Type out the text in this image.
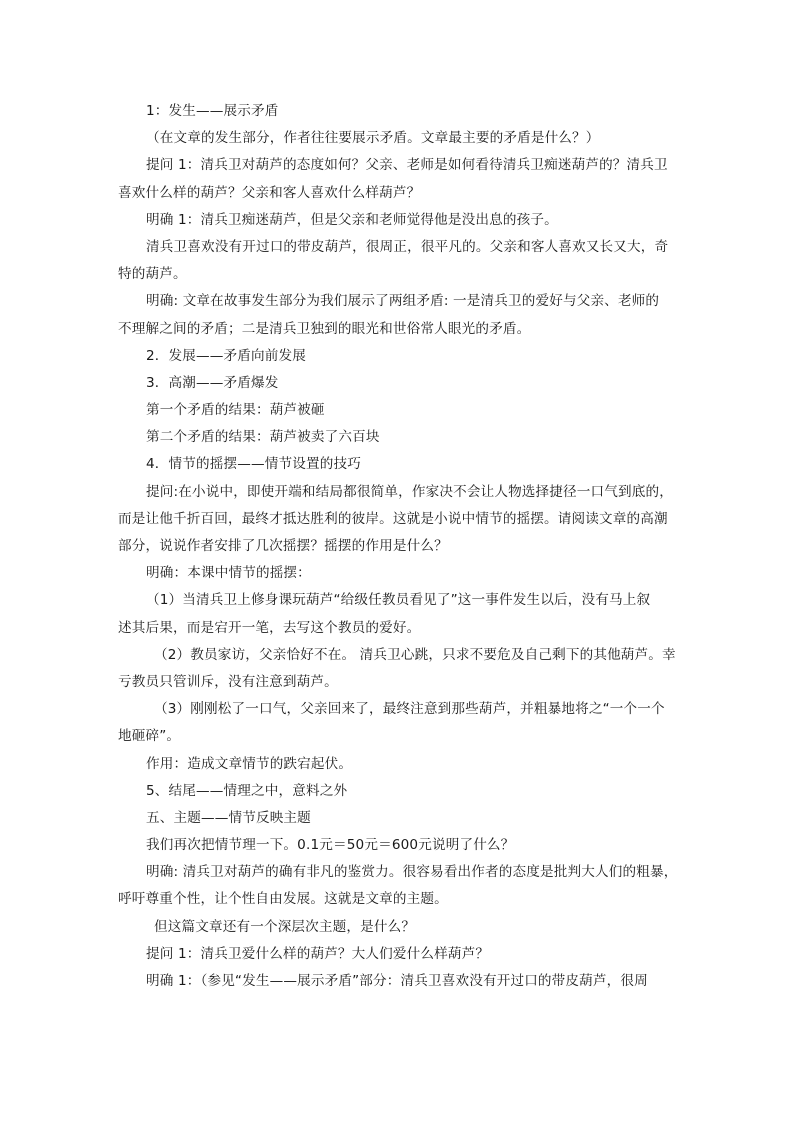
1：发生——展示矛盾
（在文章的发生部分，作者往往要展示矛盾。文章最主要的矛盾是什么？）
提问 1：清兵卫对葫芦的态度如何？父亲、老师是如何看待清兵卫痴迷葫芦的？清兵卫
喜欢什么样的葫芦？父亲和客人喜欢什么样葫芦？
明确 1：清兵卫痴迷葫芦，但是父亲和老师觉得他是没出息的孩子。
清兵卫喜欢没有开过口的带皮葫芦，很周正，很平凡的。父亲和客人喜欢又长又大，奇
特的葫芦。
明确: 文章在故事发生部分为我们展示了两组矛盾: 一是清兵卫的爱好与父亲、老师的
不理解之间的矛盾；二是清兵卫独到的眼光和世俗常人眼光的矛盾。
2．发展——矛盾向前发展
3．高潮——矛盾爆发
第一个矛盾的结果：葫芦被砸
第二个矛盾的结果：葫芦被卖了六百块
4．情节的摇摆——情节设置的技巧
提问:在小说中，即使开端和结局都很简单，作家决不会让人物选择捷径一口气到底的，
而是让他千折百回，最终才抵达胜利的彼岸。这就是小说中情节的摇摆。请阅读文章的高潮
部分，说说作者安排了几次摇摆？摇摆的作用是什么？
明确：本课中情节的摇摆：
（1）当清兵卫上修身课玩葫芦“给级任教员看见了”这一事件发生以后，没有马上叙
述其后果，而是宕开一笔，去写这个教员的爱好。
（2）教员家访，父亲恰好不在。 清兵卫心跳，只求不要危及自己剩下的其他葫芦。幸
亏教员只管训斥，没有注意到葫芦。
（3）刚刚松了一口气，父亲回来了，最终注意到那些葫芦，并粗暴地将之“一个一个
地砸碎”。
作用：造成文章情节的跌宕起伏。
5、结尾——情理之中，意料之外
五、主题——情节反映主题
我们再次把情节理一下。0.1元＝50元＝600元说明了什么？
明确: 清兵卫对葫芦的确有非凡的鉴赏力。很容易看出作者的态度是批判大人们的粗暴，
呼吁尊重个性，让个性自由发展。这就是文章的主题。
但这篇文章还有一个深层次主题，是什么？
提问 1：清兵卫爱什么样的葫芦？大人们爱什么样葫芦？
明确 1：（参见“发生——展示矛盾”部分：清兵卫喜欢没有开过口的带皮葫芦，很周
